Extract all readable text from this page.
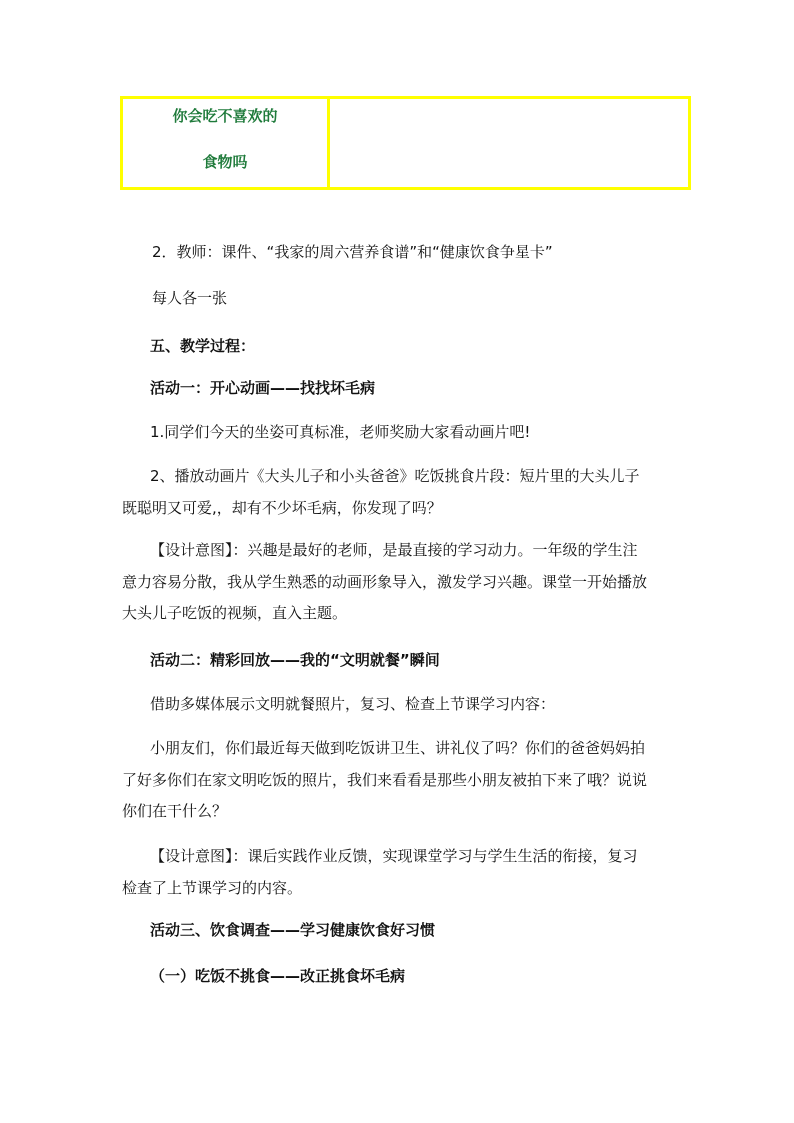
你会吃不喜欢的
食物吗
2．教师：课件、“我家的周六营养食谱”和“健康饮食争星卡”
每人各一张
五、教学过程：
活动一：开心动画——找找坏毛病
1.同学们今天的坐姿可真标准，老师奖励大家看动画片吧!
2、播放动画片《大头儿子和小头爸爸》吃饭挑食片段：短片里的大头儿子
既聪明又可爱,，却有不少坏毛病，你发现了吗？
【设计意图】：兴趣是最好的老师，是最直接的学习动力。一年级的学生注
意力容易分散，我从学生熟悉的动画形象导入，激发学习兴趣。课堂一开始播放
大头儿子吃饭的视频，直入主题。
活动二：精彩回放——我的“文明就餐”瞬间
借助多媒体展示文明就餐照片，复习、检查上节课学习内容：
小朋友们，你们最近每天做到吃饭讲卫生、讲礼仪了吗？你们的爸爸妈妈拍
了好多你们在家文明吃饭的照片，我们来看看是那些小朋友被拍下来了哦？说说
你们在干什么？
【设计意图】：课后实践作业反馈，实现课堂学习与学生生活的衔接，复习
检查了上节课学习的内容。
活动三、饮食调查——学习健康饮食好习惯
（一）吃饭不挑食——改正挑食坏毛病
